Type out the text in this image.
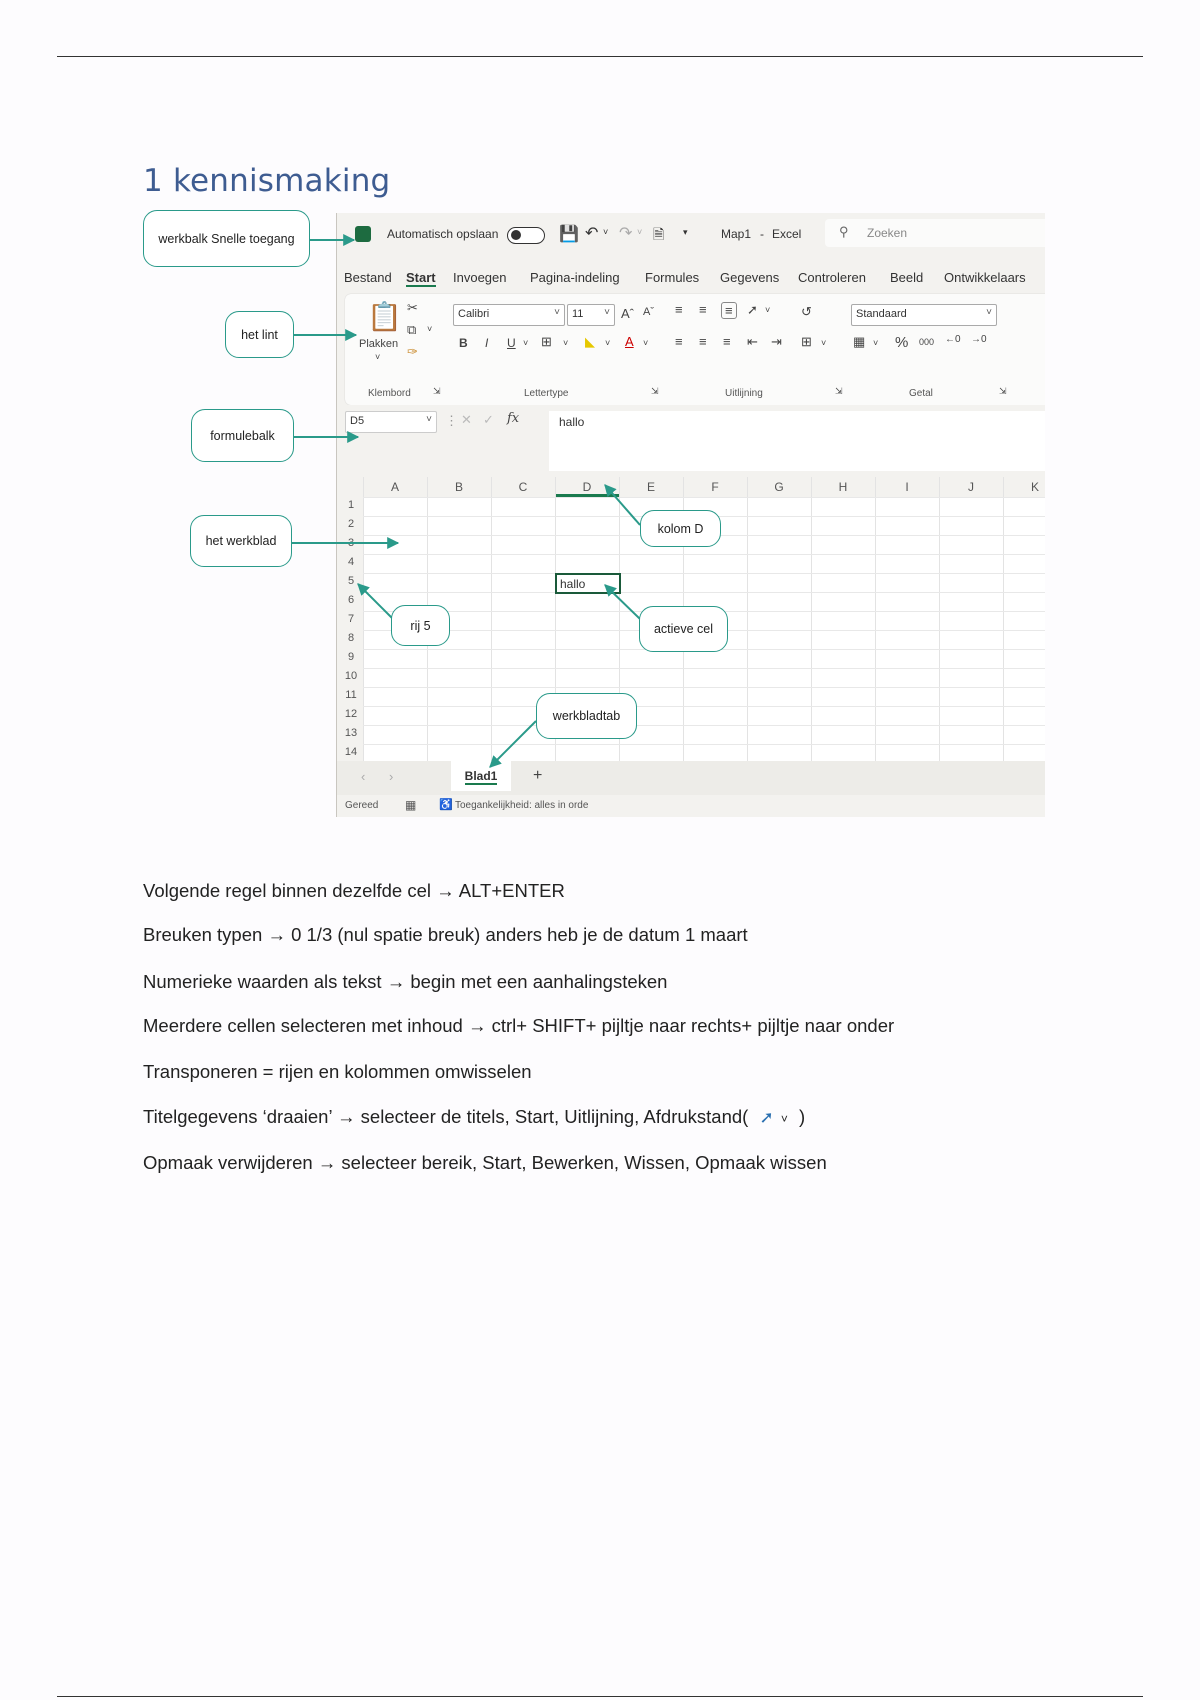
1 kennismaking
Automatisch opslaan	💾 ↶ ˅ ↷ ˅ 🗎 ▾	Map1 - Excel	⚲ Zoeken
Bestand Start Invoegen Pagina-indeling Formules Gegevens Controleren Beeld Ontwikkelaars
📋
Plakken
˅
✂
⧉ ˅
✑
Klembord ⇲
Calibri	˅	11 ˅ Aˆ Aˇ
B I U ˅ ⊞ ˅ ◣ ˅ A ˅
Lettertype	⇲
≡ ≡	≡	➚ ˅ ↺
≡ ≡ ≡ ⇤ ⇥ ⊞ ˅
Uitlijning	⇲
Standaard	˅
▦ ˅ % 000 ←0 →0
Getal	⇲
D5	˅ ⋮ ✕ ✓ fx	hallo
A	B	C	D	E	F	G	H	I	J	K
1
2
3
4
5
6
7
8
9
10
11
12
13
14
hallo
‹ ›	Blad1	+
Gereed ▦ ♿ Toegankelijkheid: alles in orde
werkbalk Snelle toegang
het lint
formulebalk
het werkblad
kolom D
actieve cel
rij 5
werkbladtab
Volgende regel binnen dezelfde cel → ALT+ENTER
Breuken typen → 0 1/3 (nul spatie breuk) anders heb je de datum 1 maart
Numerieke waarden als tekst → begin met een aanhalingsteken
Meerdere cellen selecteren met inhoud → ctrl+ SHIFT+ pijltje naar rechts+ pijltje naar onder
Transponeren = rijen en kolommen omwisselen
Titelgegevens ‘draaien’ → selecteer de titels, Start, Uitlijning, Afdrukstand( ➚ ˅ )
Opmaak verwijderen → selecteer bereik, Start, Bewerken, Wissen, Opmaak wissen
